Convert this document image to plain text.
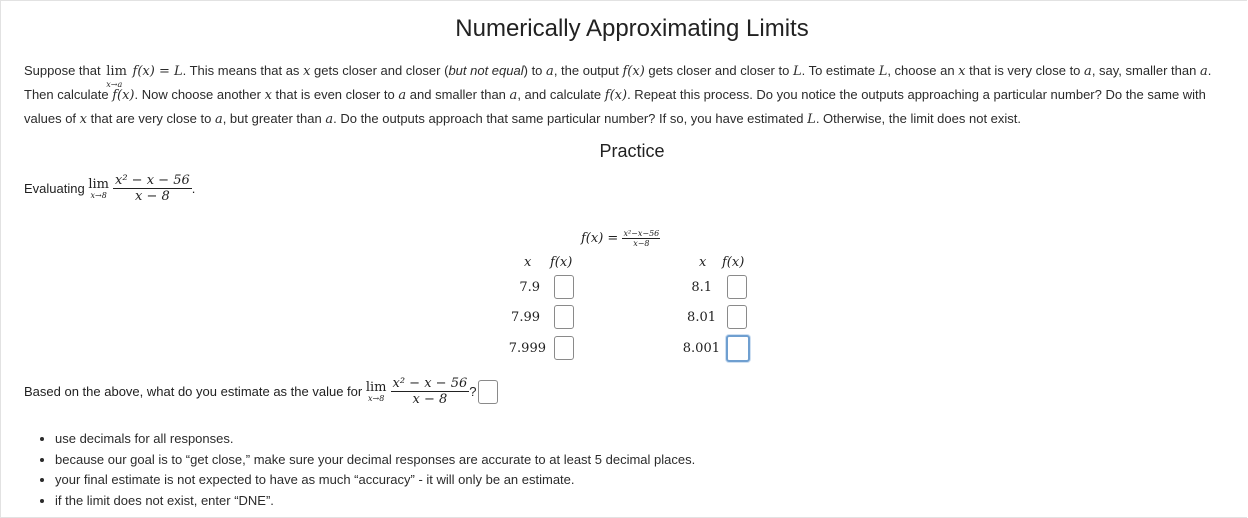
Numerically Approximating Limits
Suppose that lim
x→a
f(x) = L. This means that as x gets closer and closer (but not equal) to a, the output f(x) gets closer and closer to L. To estimate L, choose an x that is very close to a, say, smaller than a. Then calculate f(x). Now choose another x that is even closer to a and smaller than a, and calculate f(x). Repeat this process. Do you notice the outputs approaching a particular number? Do the same with values of x that are very close to a, but greater than a. Do the outputs approach that same particular number? If so, you have estimated L. Otherwise, the limit does not exist.
Practice
Evaluating lim
$x\to 8 \frac{\text{x² − x − 56}}{x - 8}$ .
$f(x) = \frac{\text{x²−x−56}}{x-8}$
x f(x)
7.9
7.99
7.999
x f(x)
8.1
8.01
8.001
Based on the above, what do you estimate as the value for lim
$x\to 8 \frac{\text{x² − x − 56}}{x - 8}$ ?
• use decimals for all responses.
• because our goal is to “get close,” make sure your decimal responses are accurate to at least 5 decimal places.
• your final estimate is not expected to have as much “accuracy” - it will only be an estimate.
• if the limit does not exist, enter “DNE”.
